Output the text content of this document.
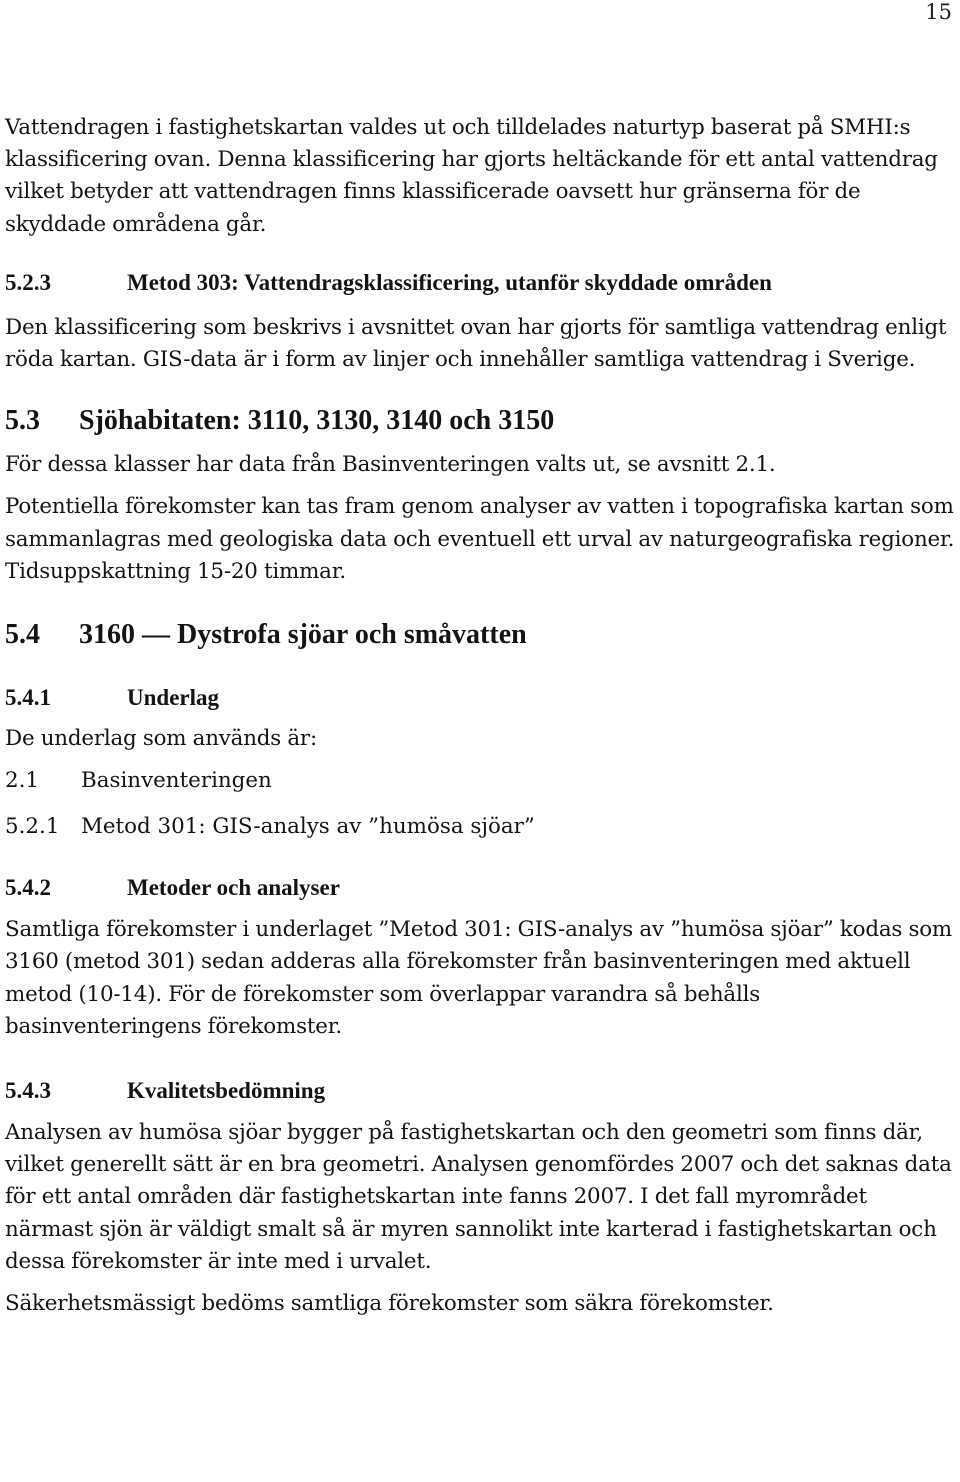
15

Vattendragen i fastighetskartan valdes ut och tilldelades naturtyp baserat på SMHI:s klassificering ovan. Denna klassificering har gjorts heltäckande för ett antal vattendrag vilket betyder att vattendragen finns klassificerade oavsett hur gränserna för de skyddade områdena går.

5.2.3	Metod 303: Vattendragsklassificering, utanför skyddade områden

Den klassificering som beskrivs i avsnittet ovan har gjorts för samtliga vattendrag enligt röda kartan. GIS-data är i form av linjer och innehåller samtliga vattendrag i Sverige.

5.3	Sjöhabitaten: 3110, 3130, 3140 och 3150

För dessa klasser har data från Basinventeringen valts ut, se avsnitt 2.1.

Potentiella förekomster kan tas fram genom analyser av vatten i topografiska kartan som sammanlagras med geologiska data och eventuell ett urval av naturgeografiska regioner. Tidsuppskattning 15-20 timmar.

5.4	3160 — Dystrofa sjöar och småvatten
5.4.1	Underlag

De underlag som används är:

2.1	Basinventeringen
5.2.1	Metod 301: GIS-analys av ”humösa sjöar”
5.4.2	Metoder och analyser

Samtliga förekomster i underlaget ”Metod 301: GIS-analys av ”humösa sjöar” kodas som 3160 (metod 301) sedan adderas alla förekomster från basinventeringen med aktuell metod (10-14). För de förekomster som överlappar varandra så behålls basinventeringens förekomster.

5.4.3	Kvalitetsbedömning

Analysen av humösa sjöar bygger på fastighetskartan och den geometri som finns där, vilket generellt sätt är en bra geometri. Analysen genomfördes 2007 och det saknas data för ett antal områden där fastighetskartan inte fanns 2007. I det fall myrområdet närmast sjön är väldigt smalt så är myren sannolikt inte karterad i fastighetskartan och dessa förekomster är inte med i urvalet.

Säkerhetsmässigt bedöms samtliga förekomster som säkra förekomster.
